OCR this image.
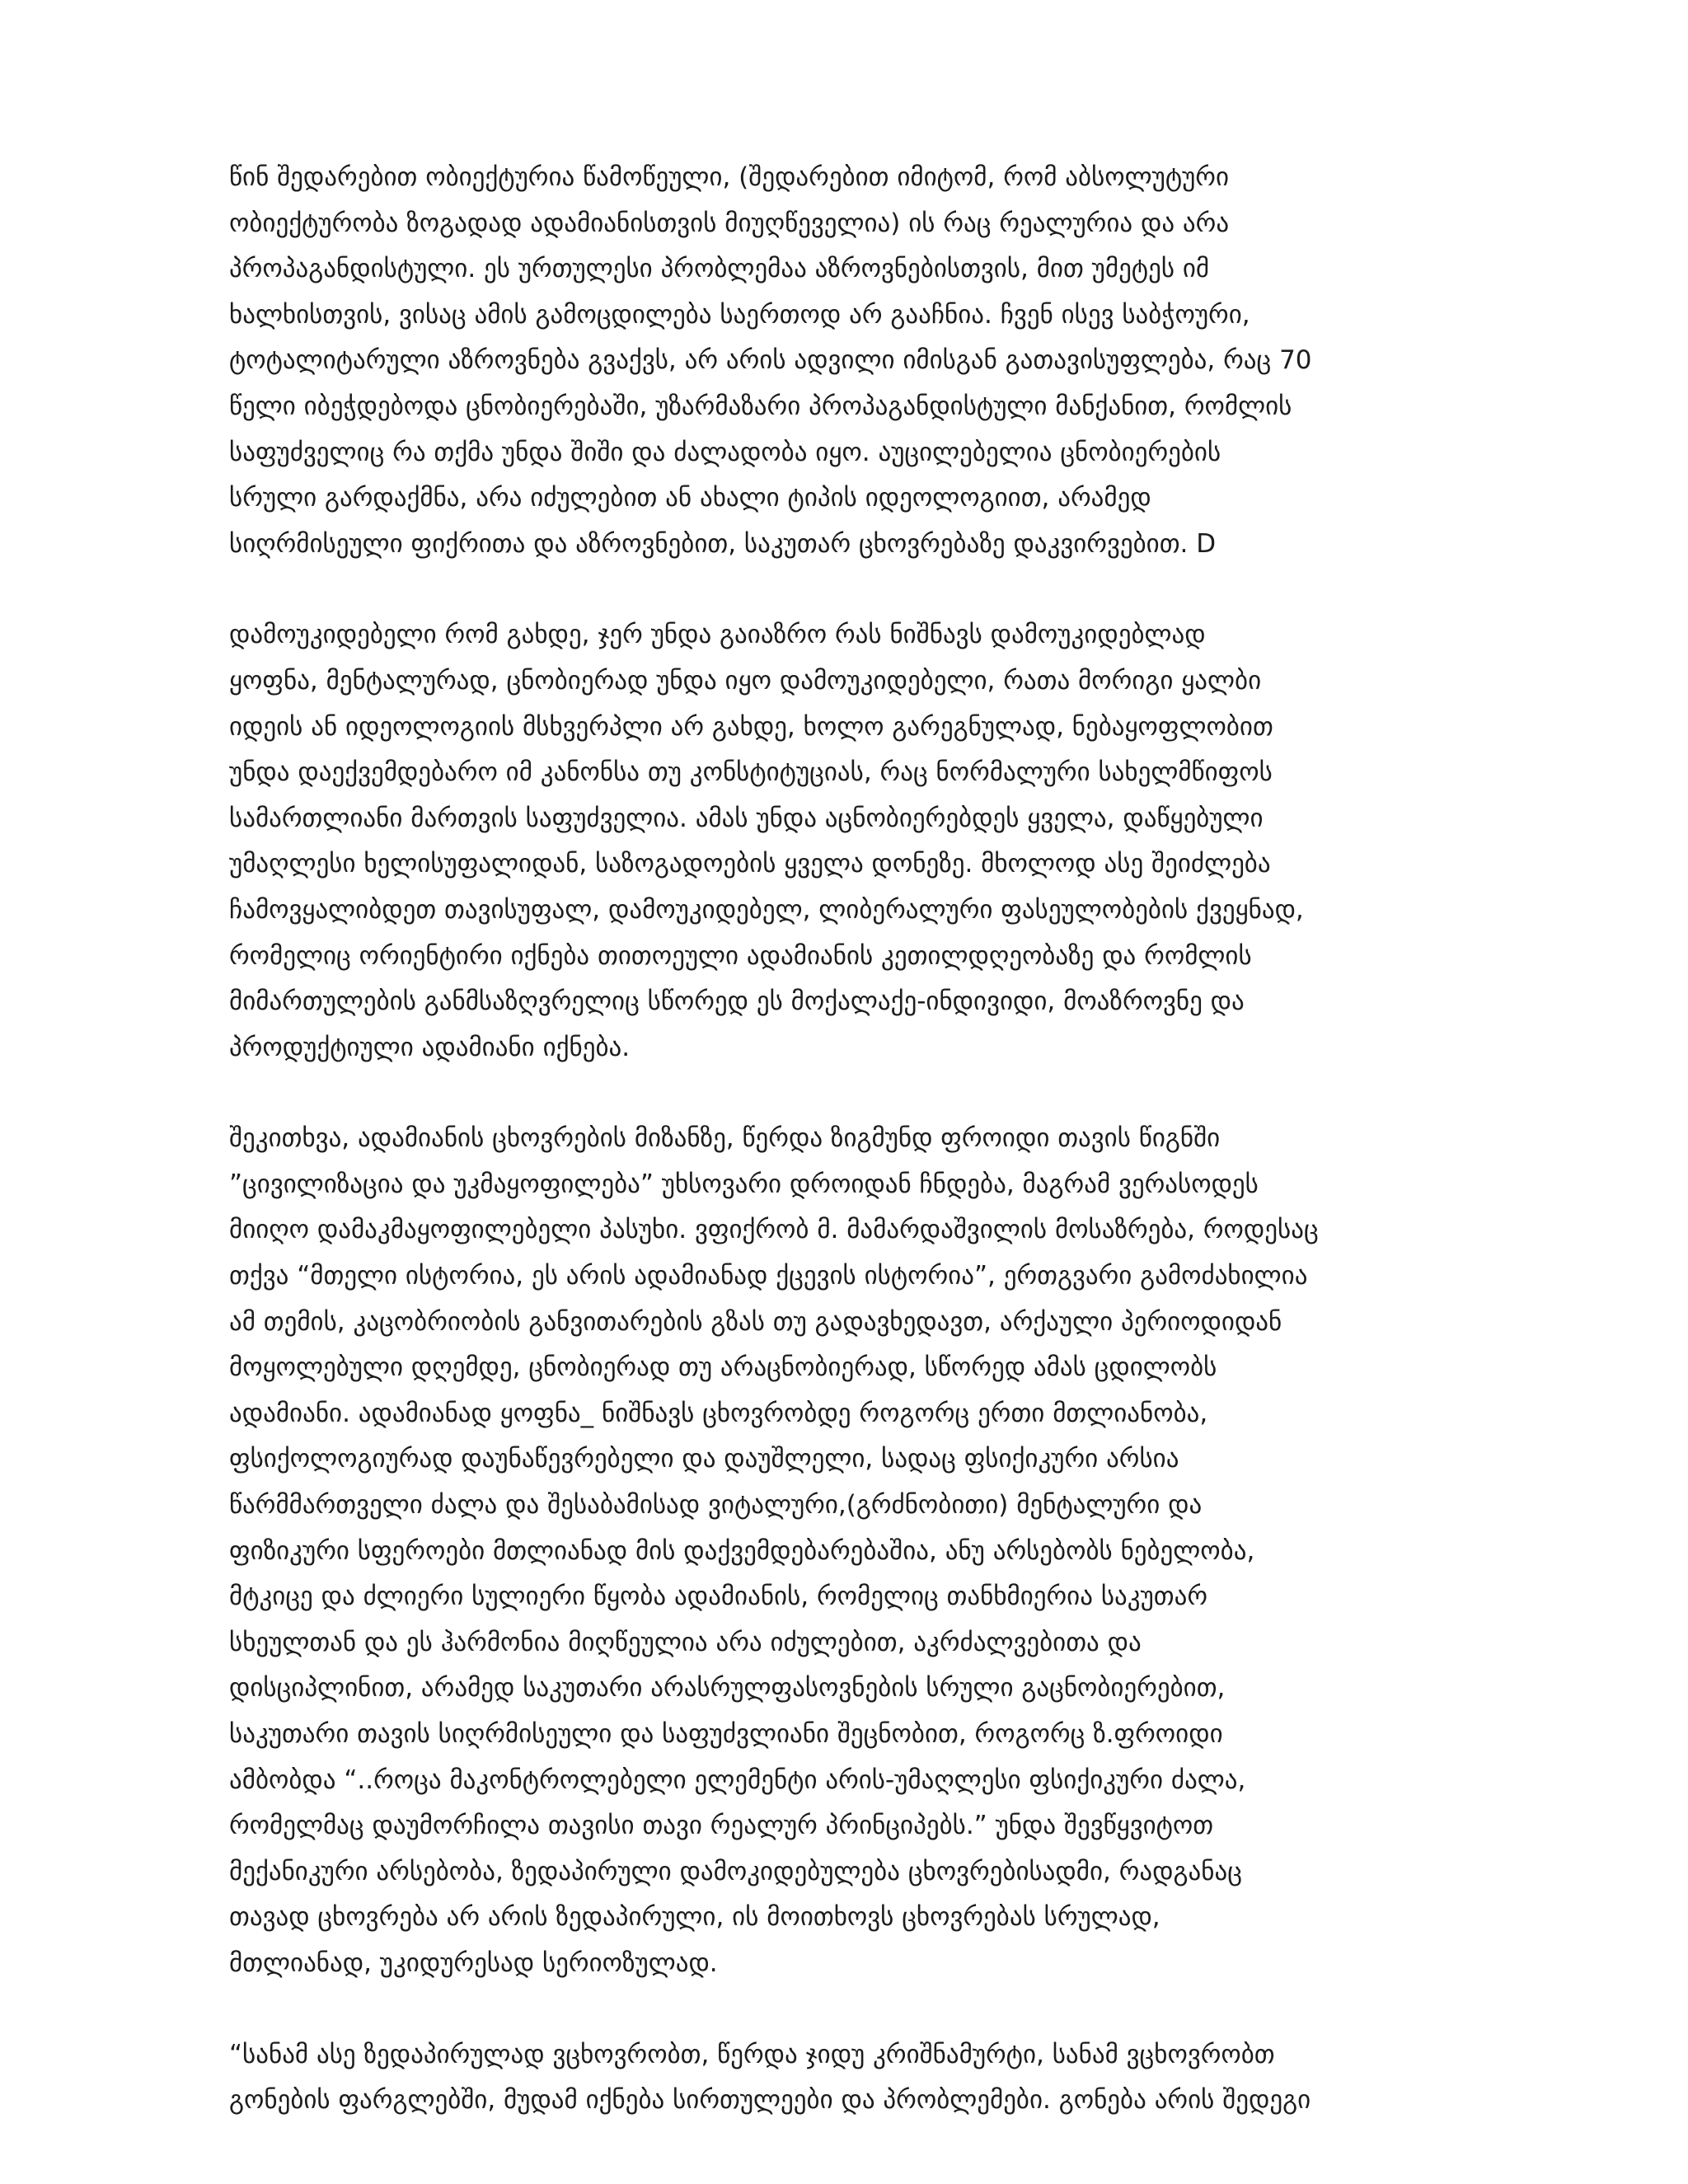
წინ შედარებით ობიექტურია წამოწეული, (შედარებით იმიტომ, რომ აბსოლუტური
ობიექტურობა ზოგადად ადამიანისთვის მიუღწეველია) ის რაც რეალურია და არა
პროპაგანდისტული. ეს ურთულესი პრობლემაა აზროვნებისთვის, მით უმეტეს იმ
ხალხისთვის, ვისაც ამის გამოცდილება საერთოდ არ გააჩნია. ჩვენ ისევ საბჭოური,
ტოტალიტარული აზროვნება გვაქვს, არ არის ადვილი იმისგან გათავისუფლება, რაც 70
წელი იბეჭდებოდა ცნობიერებაში, უზარმაზარი პროპაგანდისტული მანქანით, რომლის
საფუძველიც რა თქმა უნდა შიში და ძალადობა იყო. აუცილებელია ცნობიერების
სრული გარდაქმნა, არა იძულებით ან ახალი ტიპის იდეოლოგიით, არამედ
სიღრმისეული ფიქრითა და აზროვნებით, საკუთარ ცხოვრებაზე დაკვირვებით. D
დამოუკიდებელი რომ გახდე, ჯერ უნდა გაიაზრო რას ნიშნავს დამოუკიდებლად
ყოფნა, მენტალურად, ცნობიერად უნდა იყო დამოუკიდებელი, რათა მორიგი ყალბი
იდეის ან იდეოლოგიის მსხვერპლი არ გახდე, ხოლო გარეგნულად, ნებაყოფლობით
უნდა დაექვემდებარო იმ კანონსა თუ კონსტიტუციას, რაც ნორმალური სახელმწიფოს
სამართლიანი მართვის საფუძველია. ამას უნდა აცნობიერებდეს ყველა, დაწყებული
უმაღლესი ხელისუფალიდან, საზოგადოების ყველა დონეზე. მხოლოდ ასე შეიძლება
ჩამოვყალიბდეთ თავისუფალ, დამოუკიდებელ, ლიბერალური ფასეულობების ქვეყნად,
რომელიც ორიენტირი იქნება თითოეული ადამიანის კეთილდღეობაზე და რომლის
მიმართულების განმსაზღვრელიც სწორედ ეს მოქალაქე-ინდივიდი, მოაზროვნე და
პროდუქტიული ადამიანი იქნება.
შეკითხვა, ადამიანის ცხოვრების მიზანზე, წერდა ზიგმუნდ ფროიდი თავის წიგნში
”ცივილიზაცია და უკმაყოფილება” უხსოვარი დროიდან ჩნდება, მაგრამ ვერასოდეს
მიიღო დამაკმაყოფილებელი პასუხი. ვფიქრობ მ. მამარდაშვილის მოსაზრება, როდესაც
თქვა “მთელი ისტორია, ეს არის ადამიანად ქცევის ისტორია”, ერთგვარი გამოძახილია
ამ თემის, კაცობრიობის განვითარების გზას თუ გადავხედავთ, არქაული პერიოდიდან
მოყოლებული დღემდე, ცნობიერად თუ არაცნობიერად, სწორედ ამას ცდილობს
ადამიანი. ადამიანად ყოფნა_ ნიშნავს ცხოვრობდე როგორც ერთი მთლიანობა,
ფსიქოლოგიურად დაუნაწევრებელი და დაუშლელი, სადაც ფსიქიკური არსია
წარმმართველი ძალა და შესაბამისად ვიტალური,(გრძნობითი) მენტალური და
ფიზიკური სფეროები მთლიანად მის დაქვემდებარებაშია, ანუ არსებობს ნებელობა,
მტკიცე და ძლიერი სულიერი წყობა ადამიანის, რომელიც თანხმიერია საკუთარ
სხეულთან და ეს ჰარმონია მიღწეულია არა იძულებით, აკრძალვებითა და
დისციპლინით, არამედ საკუთარი არასრულფასოვნების სრული გაცნობიერებით,
საკუთარი თავის სიღრმისეული და საფუძვლიანი შეცნობით, როგორც ზ.ფროიდი
ამბობდა “..როცა მაკონტროლებელი ელემენტი არის-უმაღლესი ფსიქიკური ძალა,
რომელმაც დაუმორჩილა თავისი თავი რეალურ პრინციპებს.” უნდა შევწყვიტოთ
მექანიკური არსებობა, ზედაპირული დამოკიდებულება ცხოვრებისადმი, რადგანაც
თავად ცხოვრება არ არის ზედაპირული, ის მოითხოვს ცხოვრებას სრულად,
მთლიანად, უკიდურესად სერიოზულად.
“სანამ ასე ზედაპირულად ვცხოვრობთ, წერდა ჯიდუ კრიშნამურტი, სანამ ვცხოვრობთ
გონების ფარგლებში, მუდამ იქნება სირთულეები და პრობლემები. გონება არის შედეგი
